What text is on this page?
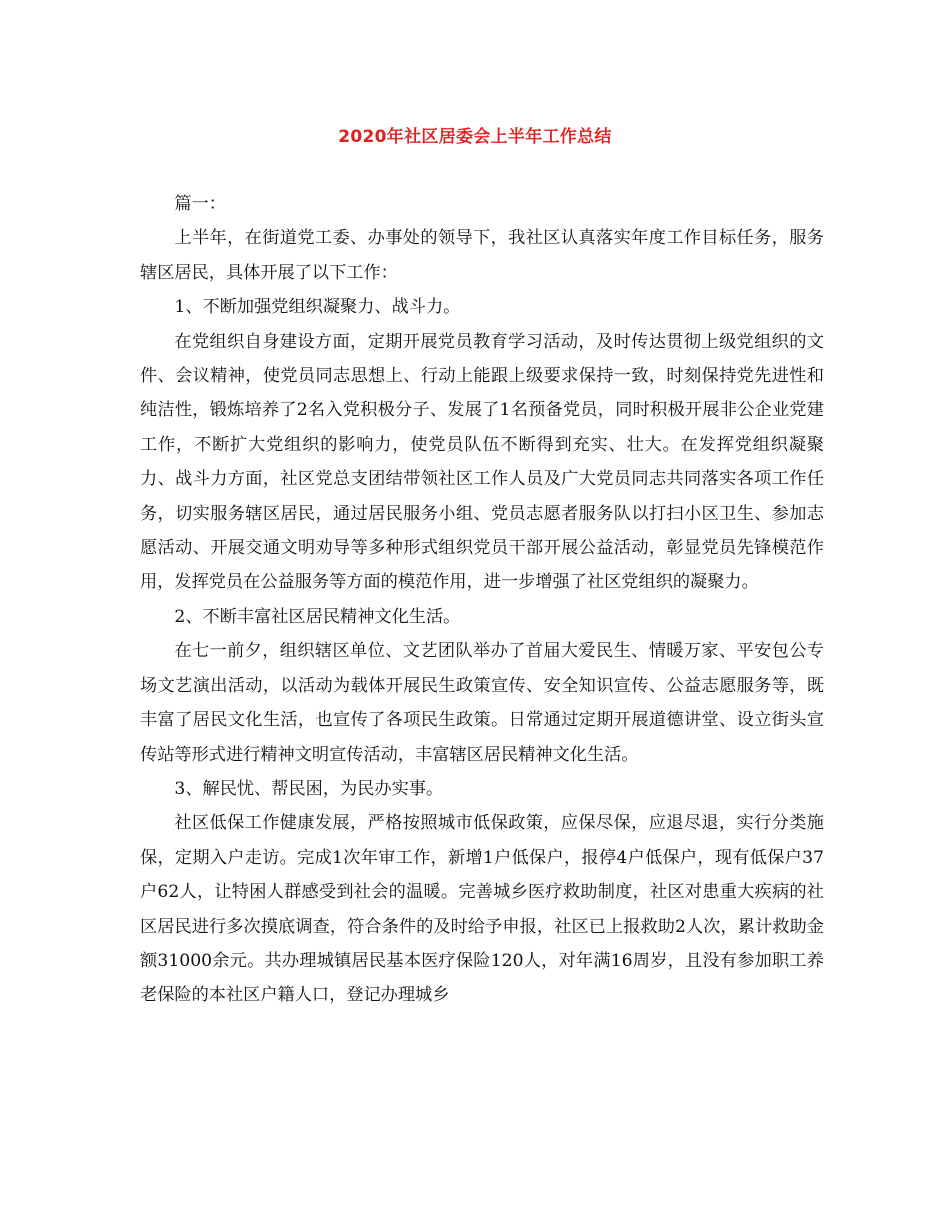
2020年社区居委会上半年工作总结

篇一：

上半年，在街道党工委、办事处的领导下，我社区认真落实年度工作目标任务，服务辖区居民，具体开展了以下工作：

1、不断加强党组织凝聚力、战斗力。

在党组织自身建设方面，定期开展党员教育学习活动，及时传达贯彻上级党组织的文件、会议精神，使党员同志思想上、行动上能跟上级要求保持一致，时刻保持党先进性和纯洁性，锻炼培养了2名入党积极分子、发展了1名预备党员，同时积极开展非公企业党建工作，不断扩大党组织的影响力，使党员队伍不断得到充实、壮大。在发挥党组织凝聚力、战斗力方面，社区党总支团结带领社区工作人员及广大党员同志共同落实各项工作任务，切实服务辖区居民，通过居民服务小组、党员志愿者服务队以打扫小区卫生、参加志愿活动、开展交通文明劝导等多种形式组织党员干部开展公益活动，彰显党员先锋模范作用，发挥党员在公益服务等方面的模范作用，进一步增强了社区党组织的凝聚力。

2、不断丰富社区居民精神文化生活。

在七一前夕，组织辖区单位、文艺团队举办了首届大爱民生、情暖万家、平安包公专场文艺演出活动，以活动为载体开展民生政策宣传、安全知识宣传、公益志愿服务等，既丰富了居民文化生活，也宣传了各项民生政策。日常通过定期开展道德讲堂、设立街头宣传站等形式进行精神文明宣传活动，丰富辖区居民精神文化生活。

3、解民忧、帮民困，为民办实事。

社区低保工作健康发展，严格按照城市低保政策，应保尽保，应退尽退，实行分类施保，定期入户走访。完成1次年审工作，新增1户低保户，报停4户低保户，现有低保户37户62人，让特困人群感受到社会的温暖。完善城乡医疗救助制度，社区对患重大疾病的社区居民进行多次摸底调查，符合条件的及时给予申报，社区已上报救助2人次，累计救助金额31000余元。共办理城镇居民基本医疗保险120人，对年满16周岁，且没有参加职工养老保险的本社区户籍人口，登记办理城乡
